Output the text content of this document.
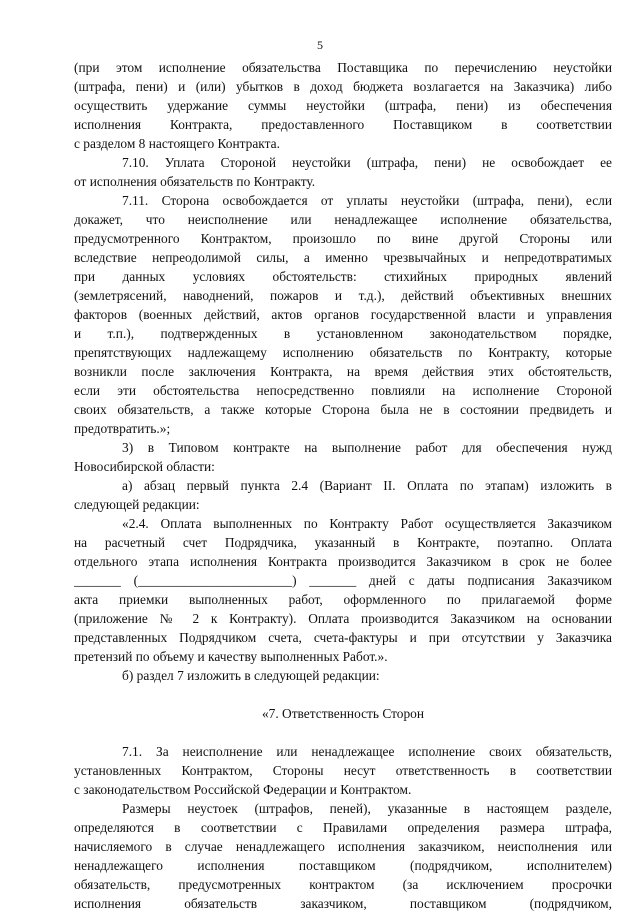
5
(при этом исполнение обязательства Поставщика по перечислению неустойки
(штрафа, пени) и (или) убытков в доход бюджета возлагается на Заказчика) либо
осуществить удержание суммы неустойки (штрафа, пени) из обеспечения
исполнения Контракта, предоставленного Поставщиком в соответствии
с разделом 8 настоящего Контракта.
7.10. Уплата Стороной неустойки (штрафа, пени) не освобождает ее
от исполнения обязательств по Контракту.
7.11. Сторона освобождается от уплаты неустойки (штрафа, пени), если
докажет, что неисполнение или ненадлежащее исполнение обязательства,
предусмотренного Контрактом, произошло по вине другой Стороны или
вследствие непреодолимой силы, а именно чрезвычайных и непредотвратимых
при данных условиях обстоятельств: стихийных природных явлений
(землетрясений, наводнений, пожаров и т.д.), действий объективных внешних
факторов (военных действий, актов органов государственной власти и управления
и т.п.), подтвержденных в установленном законодательством порядке,
препятствующих надлежащему исполнению обязательств по Контракту, которые
возникли после заключения Контракта, на время действия этих обстоятельств,
если эти обстоятельства непосредственно повлияли на исполнение Стороной
своих обязательств, а также которые Сторона была не в состоянии предвидеть и
предотвратить.»;
3) в Типовом контракте на выполнение работ для обеспечения нужд
Новосибирской области:
а) абзац первый пункта 2.4 (Вариант II. Оплата по этапам) изложить в
следующей редакции:
«2.4. Оплата выполненных по Контракту Работ осуществляется Заказчиком
на расчетный счет Подрядчика, указанный в Контракте, поэтапно. Оплата
отдельного этапа исполнения Контракта производится Заказчиком в срок не более
_______ (_______________________) _______ дней с даты подписания Заказчиком
акта приемки выполненных работ, оформленного по прилагаемой форме
(приложение № 2 к Контракту). Оплата производится Заказчиком на основании
представленных Подрядчиком счета, счета-фактуры и при отсутствии у Заказчика
претензий по объему и качеству выполненных Работ.».
б) раздел 7 изложить в следующей редакции:
«7. Ответственность Сторон
7.1. За неисполнение или ненадлежащее исполнение своих обязательств,
установленных Контрактом, Стороны несут ответственность в соответствии
с законодательством Российской Федерации и Контрактом.
Размеры неустоек (штрафов, пеней), указанные в настоящем разделе,
определяются в соответствии с Правилами определения размера штрафа,
начисляемого в случае ненадлежащего исполнения заказчиком, неисполнения или
ненадлежащего исполнения поставщиком (подрядчиком, исполнителем)
обязательств, предусмотренных контрактом (за исключением просрочки
исполнения обязательств заказчиком, поставщиком (подрядчиком,
